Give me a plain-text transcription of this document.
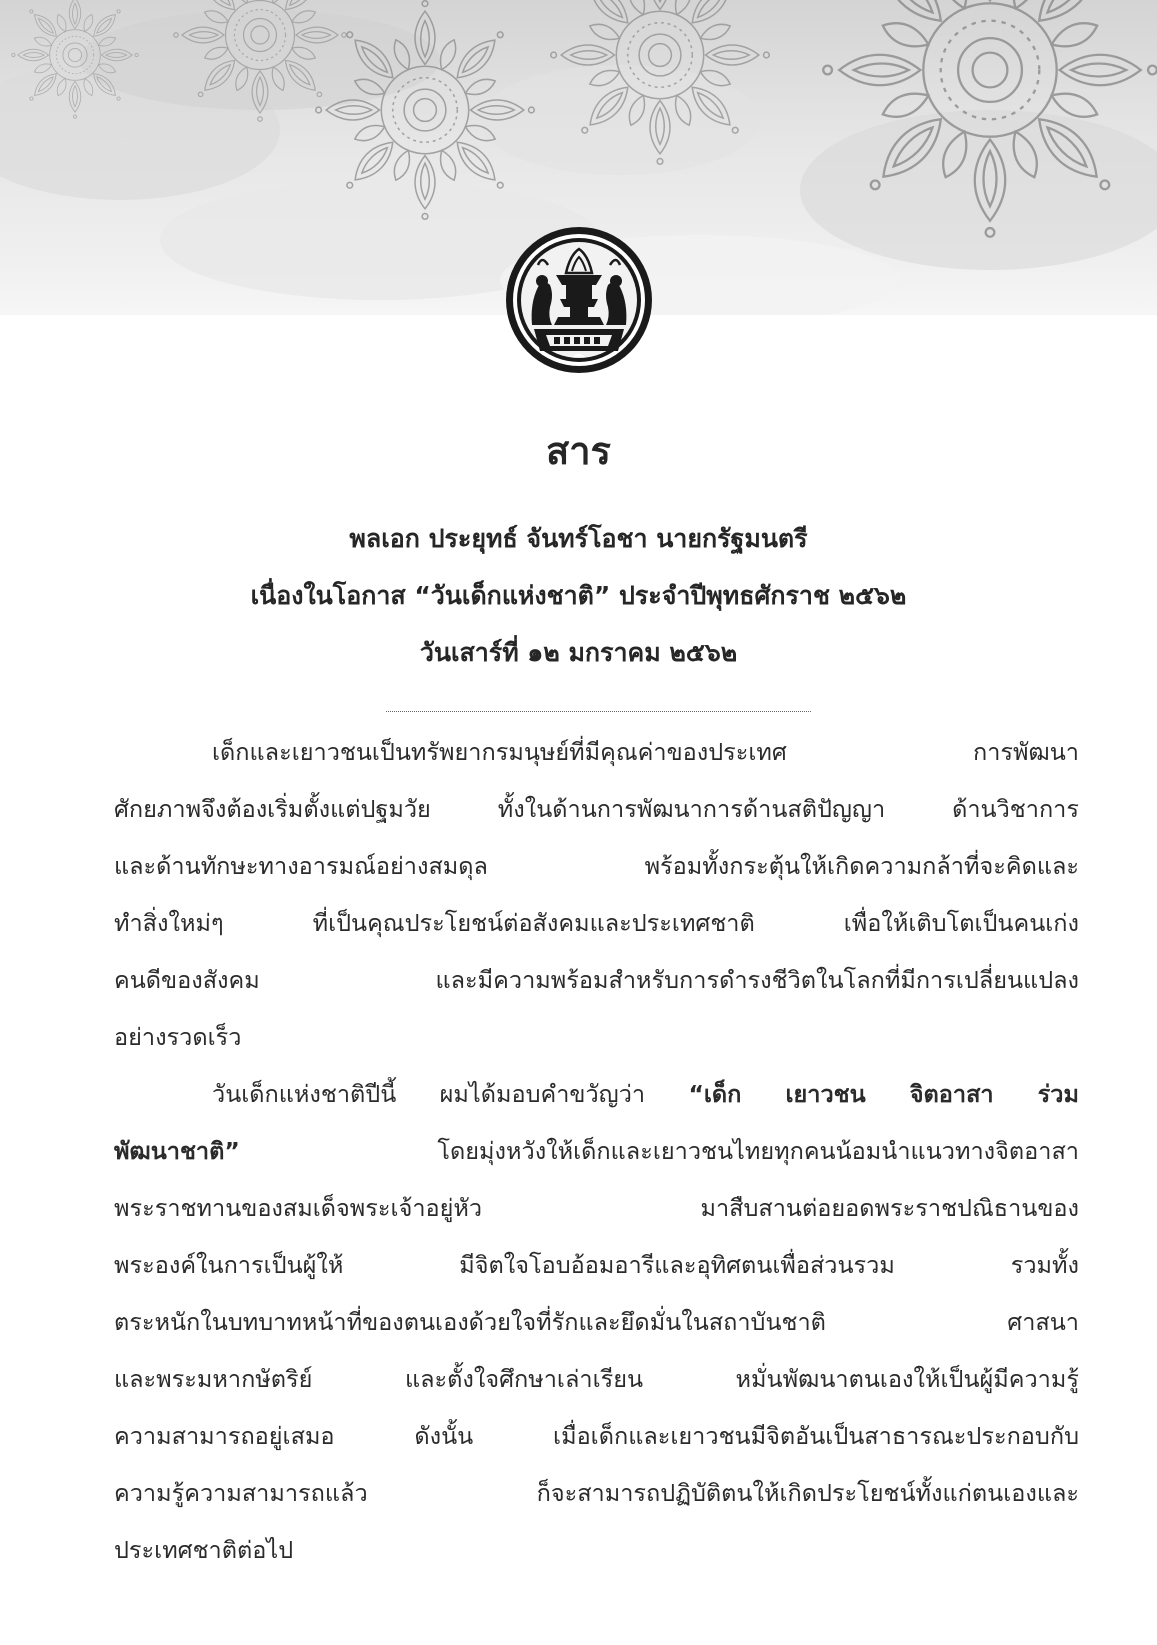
สาร
พลเอก ประยุทธ์ จันทร์โอชา นายกรัฐมนตรี
เนื่องในโอกาส “วันเด็กแห่งชาติ” ประจำปีพุทธศักราช ๒๕๖๒
วันเสาร์ที่ ๑๒ มกราคม ๒๕๖๒
เด็กและเยาวชนเป็นทรัพยากรมนุษย์ที่มีคุณค่าของประเทศ การพัฒนา
ศักยภาพจึงต้องเริ่มตั้งแต่ปฐมวัย ทั้งในด้านการพัฒนาการด้านสติปัญญา ด้านวิชาการ
และด้านทักษะทางอารมณ์อย่างสมดุล พร้อมทั้งกระตุ้นให้เกิดความกล้าที่จะคิดและ
ทำสิ่งใหม่ๆ ที่เป็นคุณประโยชน์ต่อสังคมและประเทศชาติ เพื่อให้เติบโตเป็นคนเก่ง
คนดีของสังคม และมีความพร้อมสำหรับการดำรงชีวิตในโลกที่มีการเปลี่ยนแปลง
อย่างรวดเร็ว
วันเด็กแห่งชาติปีนี้ ผมได้มอบคำขวัญว่า “เด็ก เยาวชน จิตอาสา ร่วม
พัฒนาชาติ” โดยมุ่งหวังให้เด็กและเยาวชนไทยทุกคนน้อมนำแนวทางจิตอาสา
พระราชทานของสมเด็จพระเจ้าอยู่หัว มาสืบสานต่อยอดพระราชปณิธานของ
พระองค์ในการเป็นผู้ให้ มีจิตใจโอบอ้อมอารีและอุทิศตนเพื่อส่วนรวม รวมทั้ง
ตระหนักในบทบาทหน้าที่ของตนเองด้วยใจที่รักและยึดมั่นในสถาบันชาติ ศาสนา
และพระมหากษัตริย์ และตั้งใจศึกษาเล่าเรียน หมั่นพัฒนาตนเองให้เป็นผู้มีความรู้
ความสามารถอยู่เสมอ ดังนั้น เมื่อเด็กและเยาวชนมีจิตอันเป็นสาธารณะประกอบกับ
ความรู้ความสามารถแล้ว ก็จะสามารถปฏิบัติตนให้เกิดประโยชน์ทั้งแก่ตนเองและ
ประเทศชาติต่อไป
